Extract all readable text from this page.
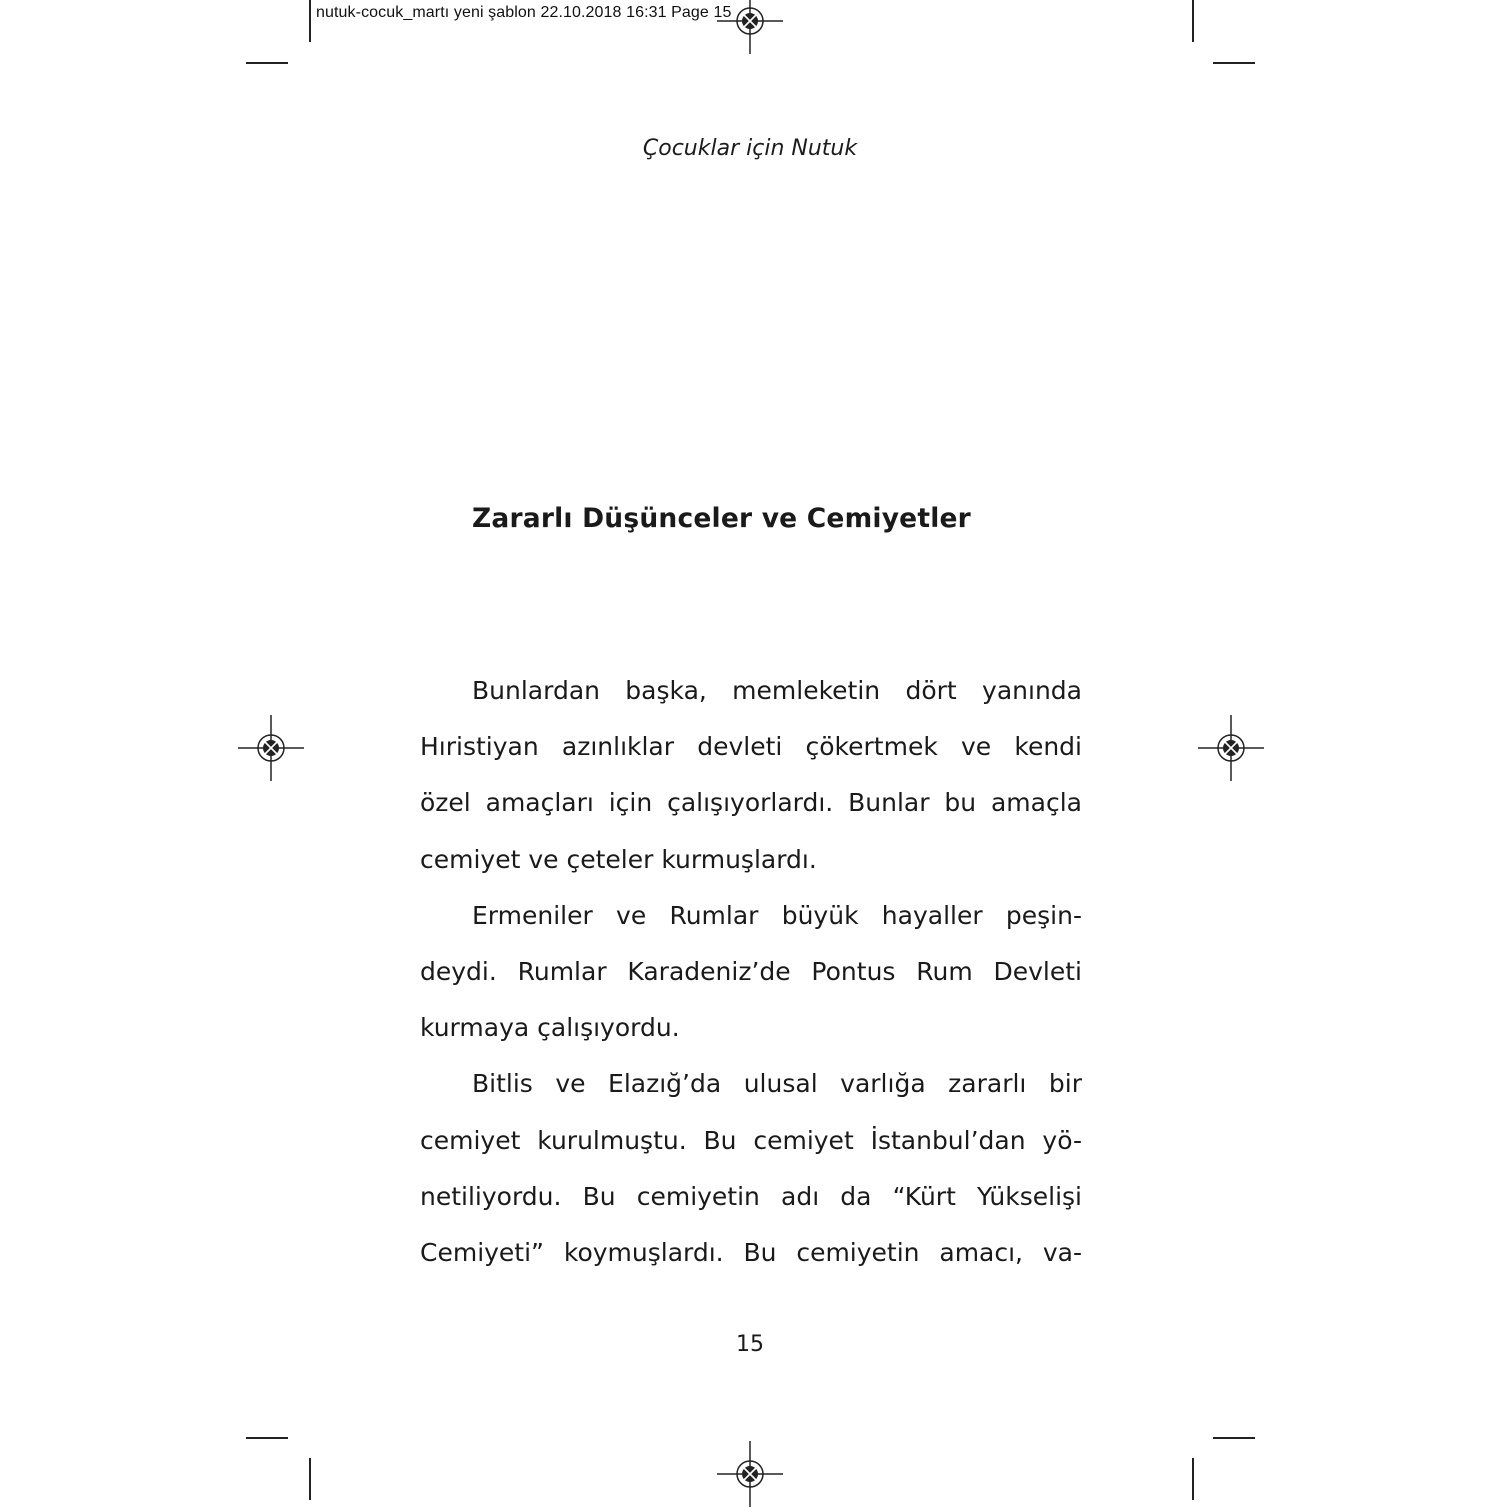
nutuk-cocuk_martı yeni şablon 22.10.2018 16:31 Page 15
Çocuklar için Nutuk
Zararlı Düşünceler ve Cemiyetler

Bunlardan başka, memleketin dört yanında
Hıristiyan azınlıklar devleti çökertmek ve kendi
özel amaçları için çalışıyorlardı. Bunlar bu amaçla
cemiyet ve çeteler kurmuşlardı.

Ermeniler ve Rumlar büyük hayaller peşin-
deydi. Rumlar Karadeniz’de Pontus Rum Devleti
kurmaya çalışıyordu.

Bitlis ve Elazığ’da ulusal varlığa zararlı bir
cemiyet kurulmuştu. Bu cemiyet İstanbul’dan yö-
netiliyordu. Bu cemiyetin adı da “Kürt Yükselişi
Cemiyeti” koymuşlardı. Bu cemiyetin amacı, va-

15
